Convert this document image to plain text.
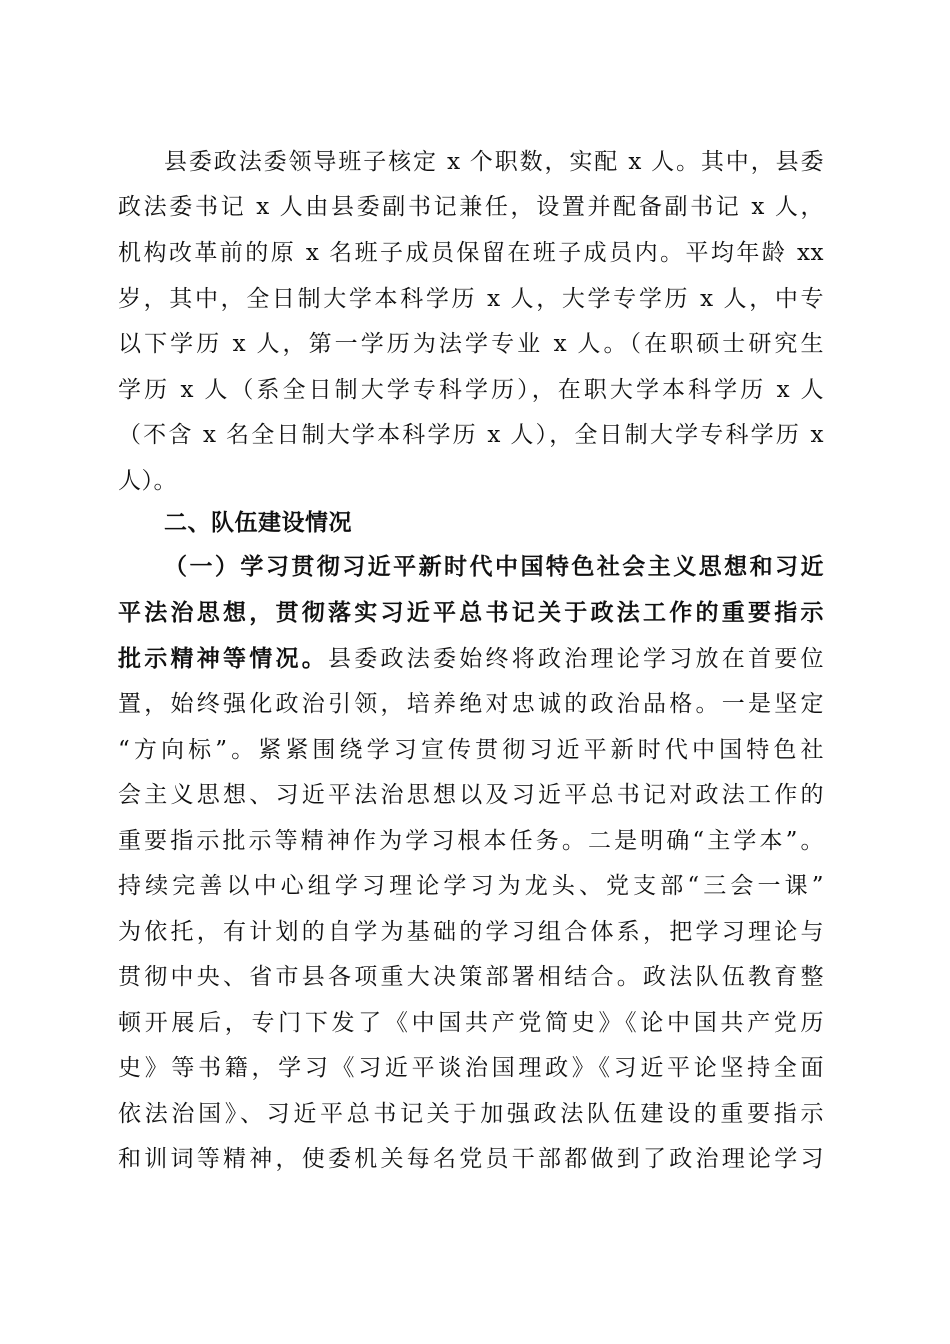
县委政法委领导班子核定 x 个职数，实配 x 人。其中，县委
政法委书记 x 人由县委副书记兼任，设置并配备副书记 x 人，
机构改革前的原 x 名班子成员保留在班子成员内。平均年龄 xx
岁，其中，全日制大学本科学历 x 人，大学专学历 x 人，中专
以下学历 x 人，第一学历为法学专业 x 人。（在职硕士研究生
学历 x 人（系全日制大学专科学历），在职大学本科学历 x 人
（不含 x 名全日制大学本科学历 x 人），全日制大学专科学历 x
人）。
二、队伍建设情况
（一）学习贯彻习近平新时代中国特色社会主义思想和习近
平法治思想，贯彻落实习近平总书记关于政法工作的重要指示
批示精神等情况。县委政法委始终将政治理论学习放在首要位
置，始终强化政治引领，培养绝对忠诚的政治品格。一是坚定
“方向标”。紧紧围绕学习宣传贯彻习近平新时代中国特色社
会主义思想、习近平法治思想以及习近平总书记对政法工作的
重要指示批示等精神作为学习根本任务。二是明确“主学本”。
持续完善以中心组学习理论学习为龙头、党支部“三会一课”
为依托，有计划的自学为基础的学习组合体系，把学习理论与
贯彻中央、省市县各项重大决策部署相结合。政法队伍教育整
顿开展后，专门下发了《中国共产党简史》《论中国共产党历
史》等书籍，学习《习近平谈治国理政》《习近平论坚持全面
依法治国》、习近平总书记关于加强政法队伍建设的重要指示
和训词等精神，使委机关每名党员干部都做到了政治理论学习
